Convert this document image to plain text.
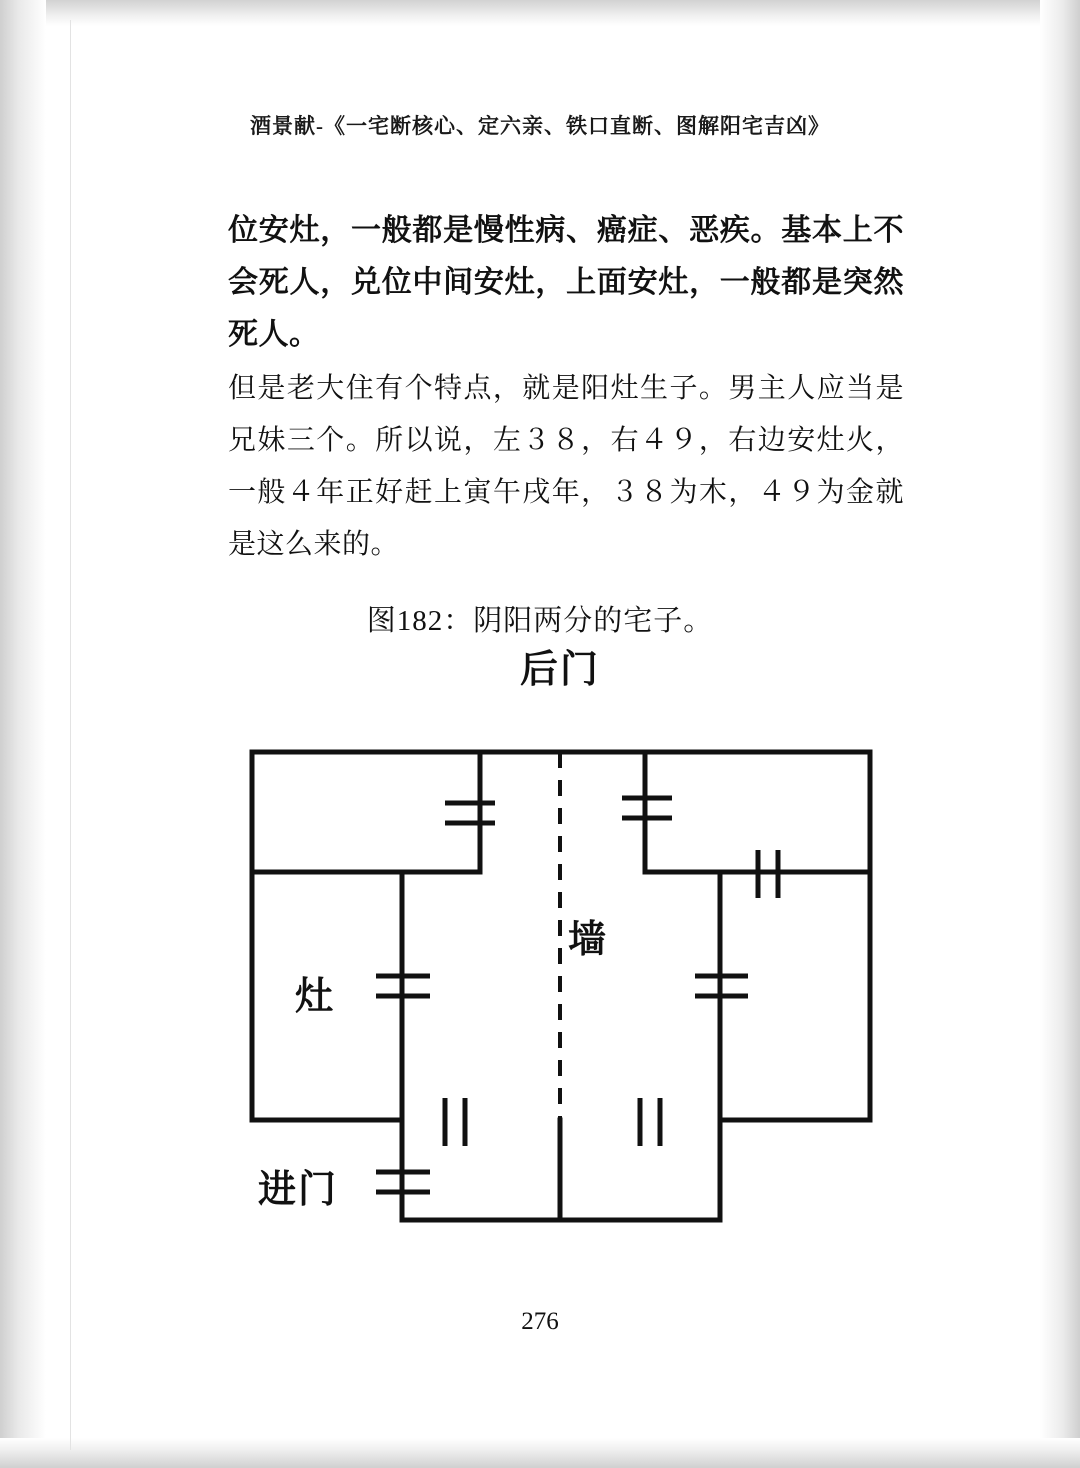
酒景献-《一宅断核心、定六亲、铁口直断、图解阳宅吉凶》
位安灶，一般都是慢性病、癌症、恶疾。基本上不会死人，兑位中间安灶，上面安灶，一般都是突然死人。
但是老大住有个特点，就是阳灶生子。男主人应当是兄妹三个。所以说，左３８，右４９，右边安灶火，一般４年正好赶上寅午戌年，３８为木，４９为金就是这么来的。
图182：阴阳两分的宅子。
后门
墙
灶
进门
276
